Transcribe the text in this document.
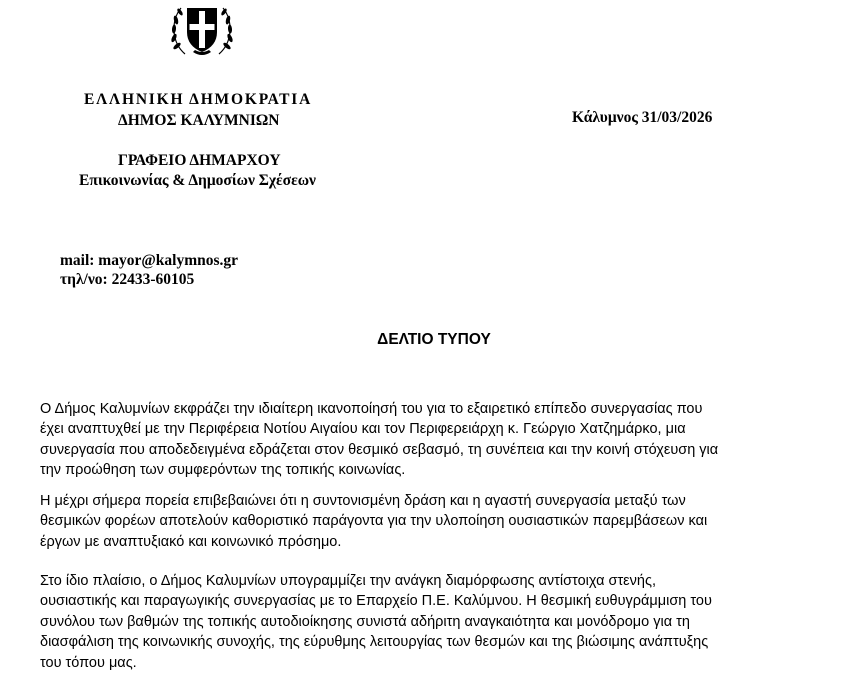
ΕΛΛΗΝΙΚΗ ΔΗΜΟΚΡΑΤΙΑ
ΔΗΜΟΣ ΚΑΛΥΜΝΙΩΝ	Κάλυμνος 31/03/2026
ΓΡΑΦΕΙΟ ΔΗΜΑΡΧΟΥ
Επικοινωνίας & Δημοσίων Σχέσεων
mail: mayor@kalymnos.gr
τηλ/νο: 22433-60105
ΔΕΛΤΙΟ ΤΥΠΟΥ

Ο Δήμος Καλυμνίων εκφράζει την ιδιαίτερη ικανοποίησή του για το εξαιρετικό επίπεδο συνεργασίας που
έχει αναπτυχθεί με την Περιφέρεια Νοτίου Αιγαίου και τον Περιφερειάρχη κ. Γεώργιο Χατζημάρκο, μια
συνεργασία που αποδεδειγμένα εδράζεται στον θεσμικό σεβασμό, τη συνέπεια και την κοινή στόχευση για
την προώθηση των συμφερόντων της τοπικής κοινωνίας.

Η μέχρι σήμερα πορεία επιβεβαιώνει ότι η συντονισμένη δράση και η αγαστή συνεργασία μεταξύ των
θεσμικών φορέων αποτελούν καθοριστικό παράγοντα για την υλοποίηση ουσιαστικών παρεμβάσεων και
έργων με αναπτυξιακό και κοινωνικό πρόσημο.

Στο ίδιο πλαίσιο, ο Δήμος Καλυμνίων υπογραμμίζει την ανάγκη διαμόρφωσης αντίστοιχα στενής,
ουσιαστικής και παραγωγικής συνεργασίας με το Επαρχείο Π.Ε. Καλύμνου. Η θεσμική ευθυγράμμιση του
συνόλου των βαθμών της τοπικής αυτοδιοίκησης συνιστά αδήριτη αναγκαιότητα και μονόδρομο για τη
διασφάλιση της κοινωνικής συνοχής, της εύρυθμης λειτουργίας των θεσμών και της βιώσιμης ανάπτυξης
του τόπου μας.
